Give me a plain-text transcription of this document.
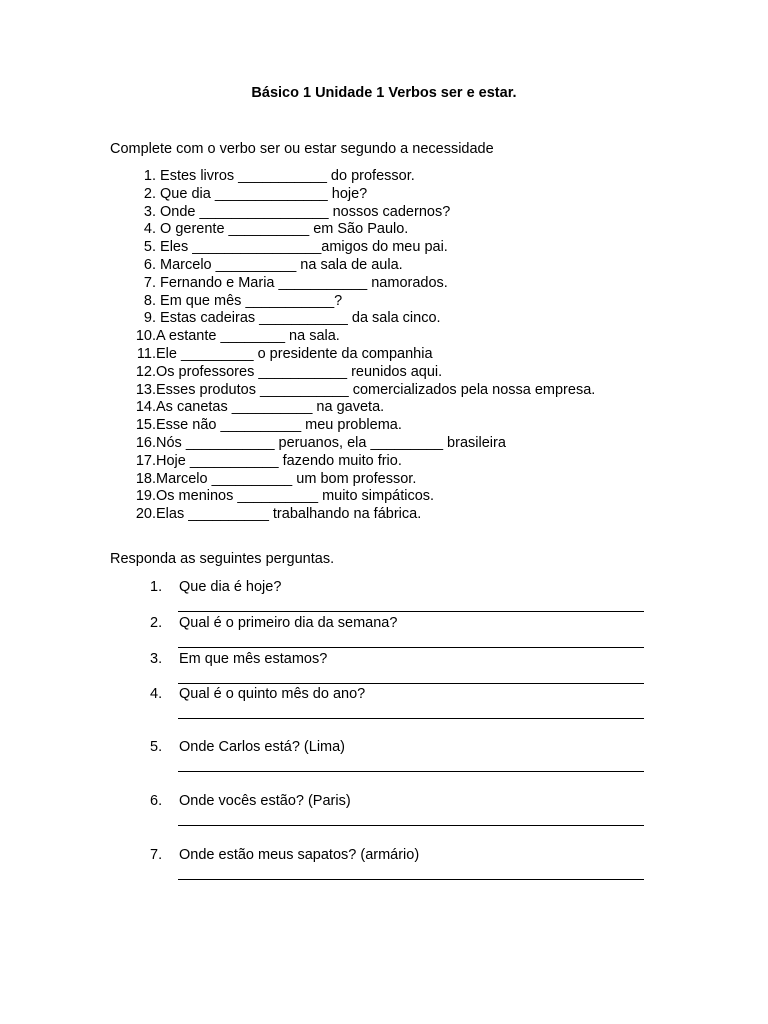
Básico 1 Unidade 1 Verbos ser e estar.
Complete com o verbo ser ou estar segundo a necessidade
1. Estes livros ___________ do professor.
2. Que dia ______________ hoje?
3. Onde ________________ nossos cadernos?
4. O gerente __________ em São Paulo.
5. Eles ________________amigos do meu pai.
6. Marcelo __________ na sala de aula.
7. Fernando e Maria ___________ namorados.
8. Em que mês ___________?
9. Estas cadeiras ___________ da sala cinco.
10. A estante ________ na sala.
11. Ele _________ o presidente da companhia
12. Os professores ___________ reunidos aqui.
13. Esses produtos ___________ comercializados pela nossa empresa.
14. As canetas __________ na gaveta.
15. Esse não __________ meu problema.
16. Nós ___________ peruanos, ela _________ brasileira
17. Hoje ___________ fazendo muito frio.
18. Marcelo __________ um bom professor.
19. Os meninos __________ muito simpáticos.
20. Elas __________ trabalhando na fábrica.
Responda as seguintes perguntas.
1.	Que dia é hoje?
2.	Qual é o primeiro dia da semana?
3.	Em que mês estamos?
4.	Qual é o quinto mês do ano?
5.	Onde Carlos está? (Lima)
6.	Onde vocês estão? (Paris)
7.	Onde estão meus sapatos? (armário)
